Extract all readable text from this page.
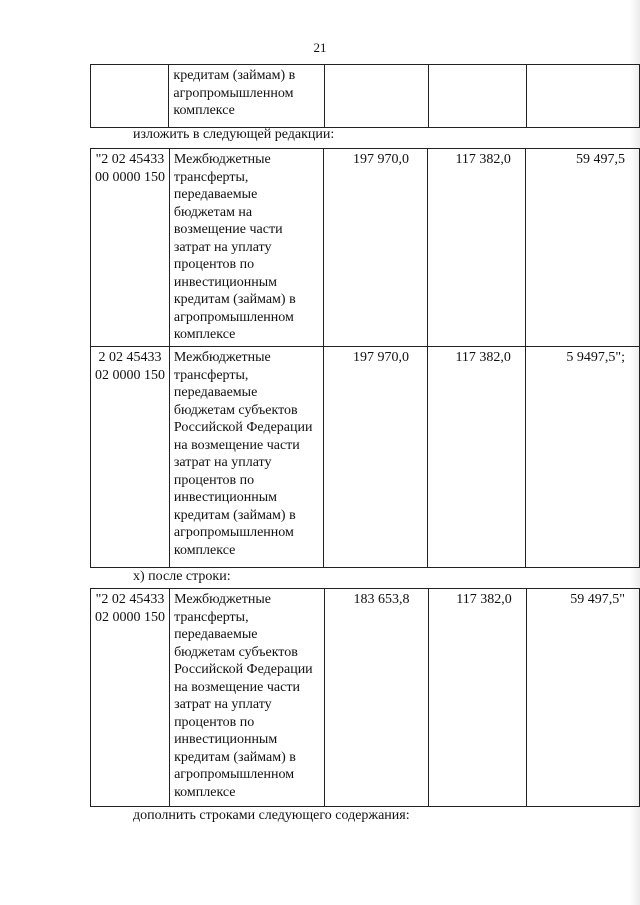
21
	кредитам (займам) в агропромышленном комплексе			
изложить в следующей редакции:
"2 02 45433 00 0000 150	Межбюджетные трансферты, передаваемые бюджетам на возмещение части затрат на уплату процентов по инвестиционным кредитам (займам) в агропромышленном комплексе	197 970,0	117 382,0	59 497,5
2 02 45433 02 0000 150	Межбюджетные трансферты, передаваемые бюджетам субъектов Российской Федерации на возмещение части затрат на уплату процентов по инвестиционным кредитам (займам) в агропромышленном комплексе	197 970,0	117 382,0	5 9497,5";
х) после строки:
"2 02 45433 02 0000 150	Межбюджетные трансферты, передаваемые бюджетам субъектов Российской Федерации на возмещение части затрат на уплату процентов по инвестиционным кредитам (займам) в агропромышленном комплексе	183 653,8	117 382,0	59 497,5"
дополнить строками следующего содержания:
